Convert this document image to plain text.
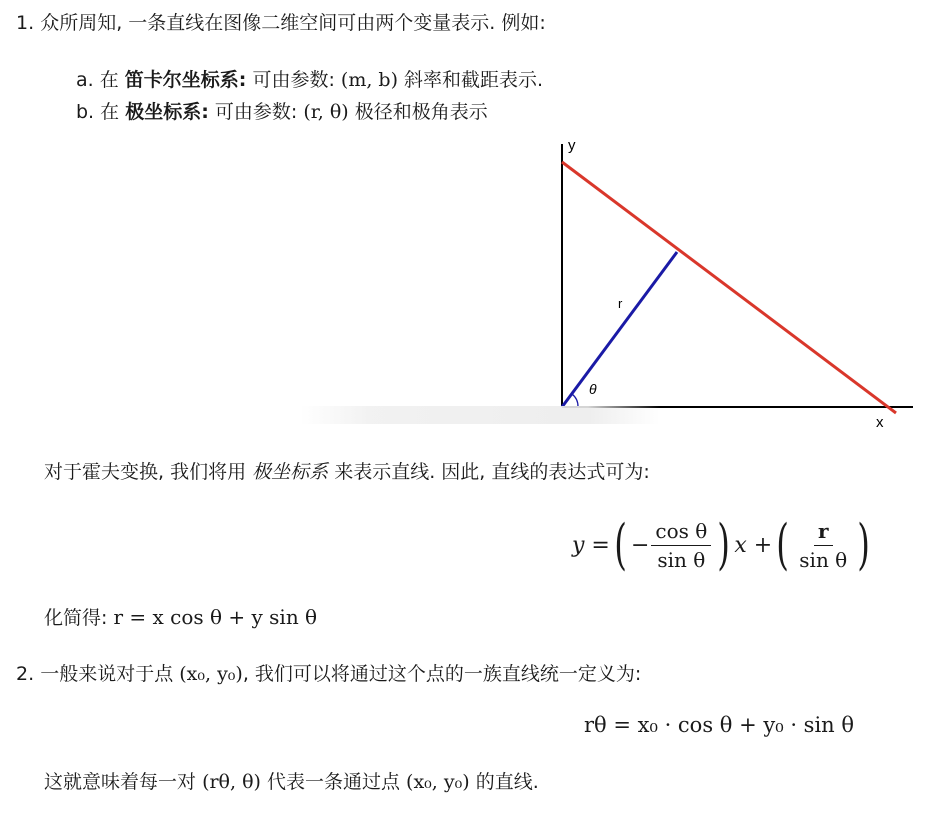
1. 众所周知, 一条直线在图像二维空间可由两个变量表示. 例如:
a. 在 笛卡尔坐标系: 可由参数: (m, b) 斜率和截距表示.
b. 在 极坐标系: 可由参数: (r, θ) 极径和极角表示
y
x
r
θ
对于霍夫变换, 我们将用 极坐标系 来表示直线. 因此, 直线的表达式可为:
y = ( − $\frac{\text{cos θ}}{\text{sin θ}}$ ) x + ( $\frac{r}{\text{sin θ}}$ )
化简得: r = x cos θ + y sin θ
2. 一般来说对于点 (x₀, y₀), 我们可以将通过这个点的一族直线统一定义为:
rθ = x₀ · cos θ + y₀ · sin θ
这就意味着每一对 (rθ, θ) 代表一条通过点 (x₀, y₀) 的直线.
